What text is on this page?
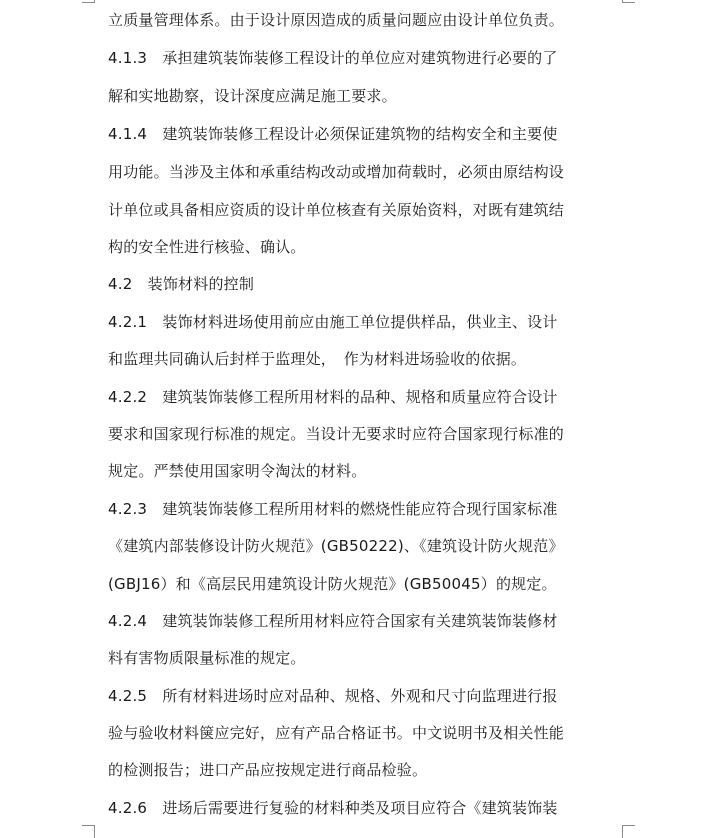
立质量管理体系。由于设计原因造成的质量问题应由设计单位负责。
4.1.3　承担建筑装饰装修工程设计的单位应对建筑物进行必要的了
解和实地勘察，设计深度应满足施工要求。
4.1.4　建筑装饰装修工程设计必须保证建筑物的结构安全和主要使
用功能。当涉及主体和承重结构改动或增加荷载时，必须由原结构设
计单位或具备相应资质的设计单位核查有关原始资料，对既有建筑结
构的安全性进行核验、确认。
4.2　装饰材料的控制
4.2.1　装饰材料进场使用前应由施工单位提供样品，供业主、设计
和监理共同确认后封样于监理处，　作为材料进场验收的依据。
4.2.2　建筑装饰装修工程所用材料的品种、规格和质量应符合设计
要求和国家现行标准的规定。当设计无要求时应符合国家现行标准的
规定。严禁使用国家明令淘汰的材料。
4.2.3　建筑装饰装修工程所用材料的燃烧性能应符合现行国家标准
《建筑内部装修设计防火规范》(GB50222)、《建筑设计防火规范》
(GBJ16）和《高层民用建筑设计防火规范》(GB50045）的规定。
4.2.4　建筑装饰装修工程所用材料应符合国家有关建筑装饰装修材
料有害物质限量标准的规定。
4.2.5　所有材料进场时应对品种、规格、外观和尺寸向监理进行报
验与验收材料箧应完好，应有产品合格证书。中文说明书及相关性能
的检测报告；进口产品应按规定进行商品检验。
4.2.6　进场后需要进行复验的材料种类及项目应符合《建筑装饰装
